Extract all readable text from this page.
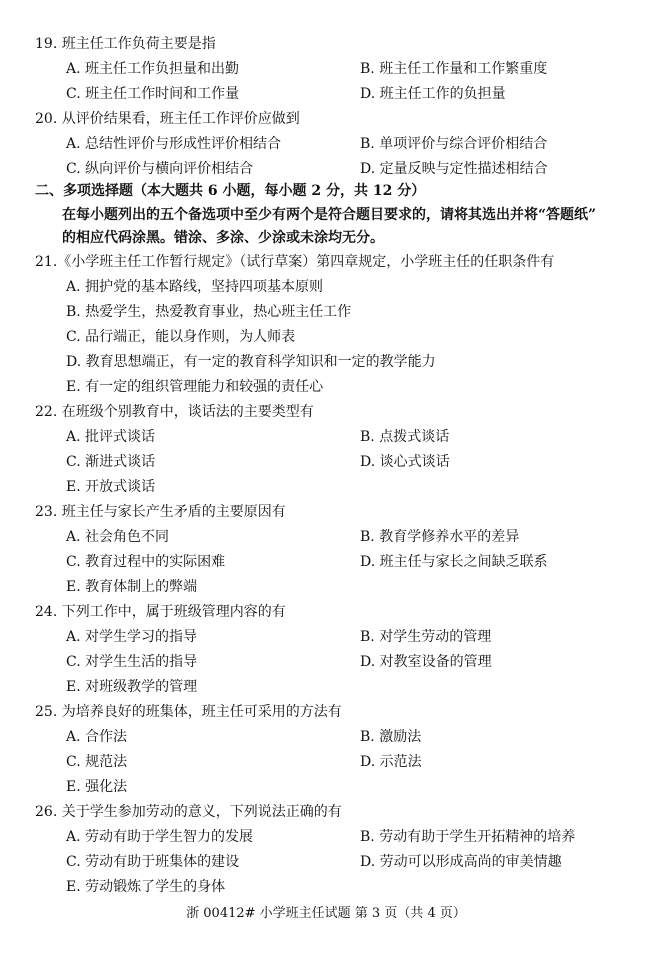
19. 班主任工作负荷主要是指
A. 班主任工作负担量和出勤	B. 班主任工作量和工作繁重度
C. 班主任工作时间和工作量	D. 班主任工作的负担量
20. 从评价结果看，班主任工作评价应做到
A. 总结性评价与形成性评价相结合	B. 单项评价与综合评价相结合
C. 纵向评价与横向评价相结合	D. 定量反映与定性描述相结合
二、多项选择题（本大题共 6 小题，每小题 2 分，共 12 分）
在每小题列出的五个备选项中至少有两个是符合题目要求的，请将其选出并将“答题纸”
的相应代码涂黑。错涂、多涂、少涂或未涂均无分。
21.《小学班主任工作暂行规定》（试行草案）第四章规定，小学班主任的任职条件有
A. 拥护党的基本路线，坚持四项基本原则
B. 热爱学生，热爱教育事业，热心班主任工作
C. 品行端正，能以身作则，为人师表
D. 教育思想端正，有一定的教育科学知识和一定的教学能力
E. 有一定的组织管理能力和较强的责任心
22. 在班级个别教育中，谈话法的主要类型有
A. 批评式谈话	B. 点拨式谈话
C. 渐进式谈话	D. 谈心式谈话
E. 开放式谈话
23. 班主任与家长产生矛盾的主要原因有
A. 社会角色不同	B. 教育学修养水平的差异
C. 教育过程中的实际困难	D. 班主任与家长之间缺乏联系
E. 教育体制上的弊端
24. 下列工作中，属于班级管理内容的有
A. 对学生学习的指导	B. 对学生劳动的管理
C. 对学生生活的指导	D. 对教室设备的管理
E. 对班级教学的管理
25. 为培养良好的班集体，班主任可采用的方法有
A. 合作法	B. 激励法
C. 规范法	D. 示范法
E. 强化法
26. 关于学生参加劳动的意义，下列说法正确的有
A. 劳动有助于学生智力的发展	B. 劳动有助于学生开拓精神的培养
C. 劳动有助于班集体的建设	D. 劳动可以形成高尚的审美情趣
E. 劳动锻炼了学生的身体
浙 00412# 小学班主任试题 第 3 页（共 4 页）
